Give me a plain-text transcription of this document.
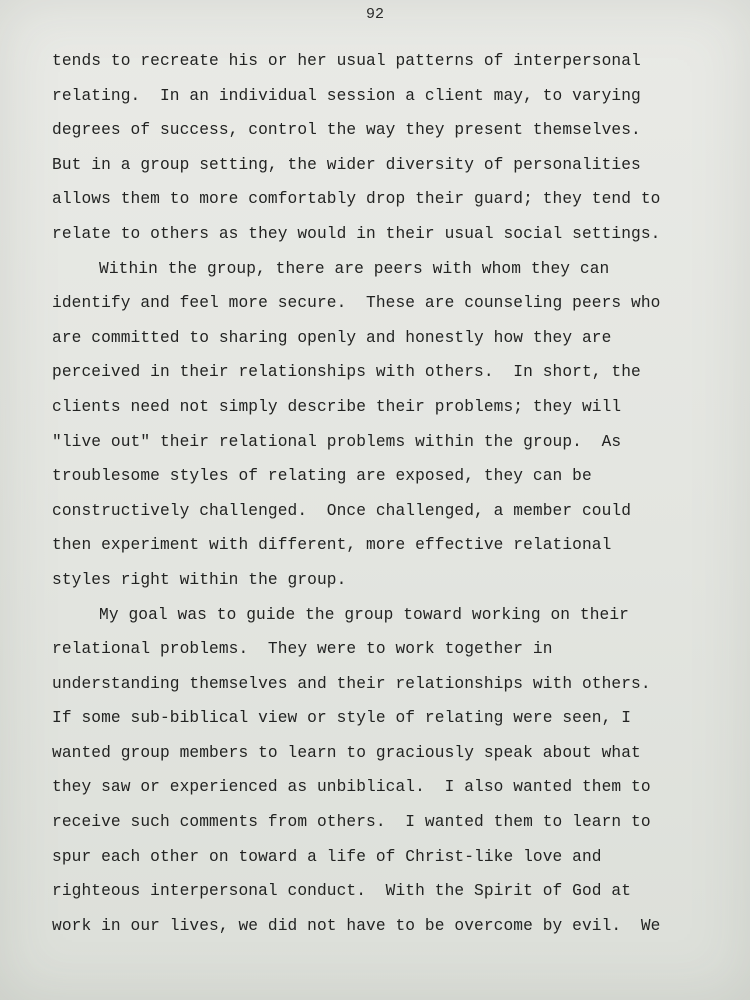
92
tends to recreate his or her usual patterns of interpersonal
relating.  In an individual session a client may, to varying
degrees of success, control the way they present themselves.
But in a group setting, the wider diversity of personalities
allows them to more comfortably drop their guard; they tend to
relate to others as they would in their usual social settings.
Within the group, there are peers with whom they can
identify and feel more secure.  These are counseling peers who
are committed to sharing openly and honestly how they are
perceived in their relationships with others.  In short, the
clients need not simply describe their problems; they will
"live out" their relational problems within the group.  As
troublesome styles of relating are exposed, they can be
constructively challenged.  Once challenged, a member could
then experiment with different, more effective relational
styles right within the group.
My goal was to guide the group toward working on their
relational problems.  They were to work together in
understanding themselves and their relationships with others.
If some sub-biblical view or style of relating were seen, I
wanted group members to learn to graciously speak about what
they saw or experienced as unbiblical.  I also wanted them to
receive such comments from others.  I wanted them to learn to
spur each other on toward a life of Christ-like love and
righteous interpersonal conduct.  With the Spirit of God at
work in our lives, we did not have to be overcome by evil.  We
